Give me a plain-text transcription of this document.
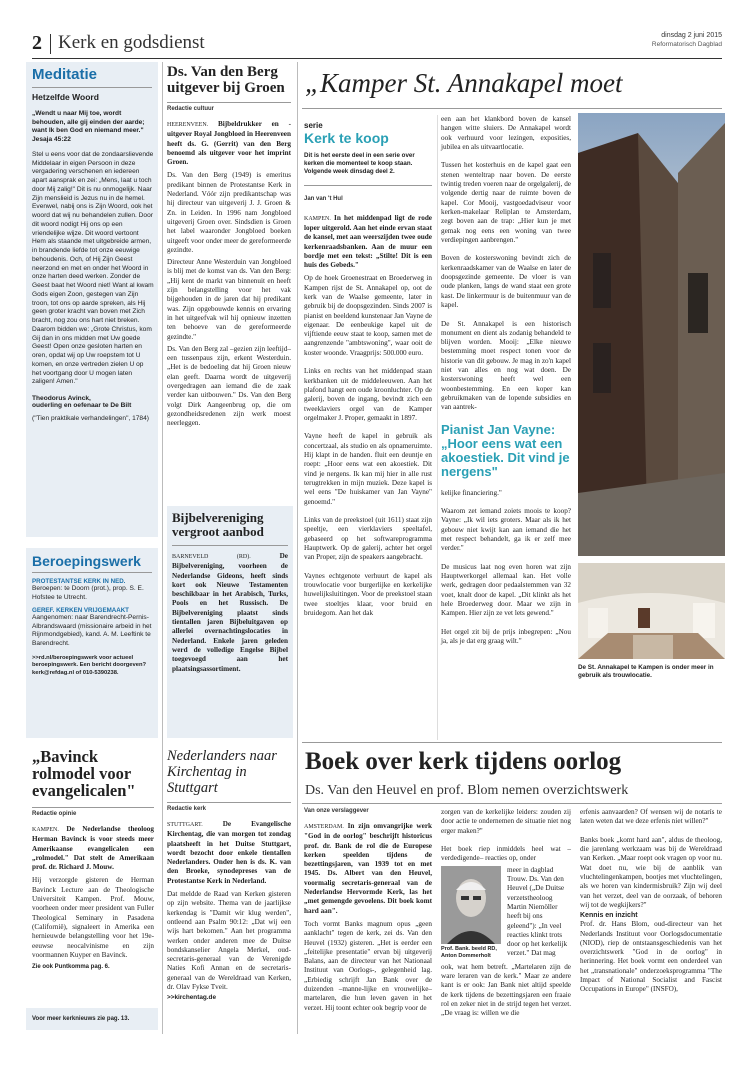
2 Kerk en godsdienst	dinsdag 2 juni 2015
Reformatorisch Dagblad
Meditatie
Hetzelfde Woord
„Wendt u naar Mij toe, wordt behouden, alle gij einden der aarde; want Ik ben God en niemand meer."
Jesaja 45:22
Stel u eens voor dat de zondaarslievende Middelaar in eigen Persoon in deze vergadering verschenen en iedereen apart aansprak en zei: „Mens, laat u toch door Mij zalig!" Dit is nu onmogelijk. Naar Zijn menslieid is Jezus nu in de hemel. Evenwel, nabij ons is Zijn Woord, ook het woord dat wij nu behandelen zullen. Door dit woord nodigt Hij ons op een vriendelijke wijze. Dit woord vertoont Hem als staande met uitgebreide armen, in brandende liefde tot onze eeuwige behoudenis. Och, of Hij Zijn Geest neerzond en met en onder het Woord in onze harten deed werken. Zonder de Geest baat het Woord niet! Want al kwam Gods eigen Zoon, gestegen van Zijn troon, tot ons op aarde spreken, als Hij geen groter kracht van boven met Zich bracht, nog zou ons hart niet breken. Daarom bidden we: „Grote Christus, kom Gij dan in ons midden met Uw goede Geest! Open onze gesloten harten en oren, opdat wij op Uw roepstem tot U komen, en onze vertreden zielen U op het voortgang door U mogen laten zaligen! Amen."
Theodorus Avinck,
ouderling en oefenaar te De Bilt
("Tien praktikale verhandelingen", 1784)
Beroepingswerk
PROTESTANTSE KERK IN NED.
Beroepen: te Doorn (prot.), prop. S. E. Hofstee te Utrecht.
GEREF. KERKEN VRIJGEMAAKT
Aangenomen: naar Barendrecht-Pernis-Albrandswaard (missionaire arbeid in het Rijnmondgebied), kand. A. M. Leeftink te Barendrecht.
>>rd.nl/beroepingswerk voor actueel beroepingswerk. Een bericht doorgeven? kerk@refdag.nl of 010-5390238.
„Bavinck rolmodel voor evangelicalen"
Redactie opinie
KAMPEN. De Nederlandse theoloog Herman Bavinck is voor steeds meer Amerikaanse evangelicalen een „rolmodel." Dat stelt de Amerikaan prof. dr. Richard J. Mouw.
Hij verzorgde gisteren de Herman Bavinck Lecture aan de Theologische Universiteit Kampen. Prof. Mouw, voorheen onder meer president van Fuller Theological Seminary in Pasadena (Californië), signaleert in Amerika een hernieuwde belangstelling voor het 19e-eeuwse neocalvinisme en zijn voormannen Kuyper en Bavinck.
Zie ook Puntkomma pag. 6.
Voor meer kerknieuws zie pag. 13.
Ds. Van den Berg uitgever bij Groen
Redactie cultuur
HEERENVEEN. Bijbeldrukker en -uitgever Royal Jongbloed in Heerenveen heeft ds. G. (Gerrit) van den Berg benoemd als uitgever voor het imprint Groen.

Ds. Van den Berg (1949) is emeritus predikant binnen de Protestantse Kerk in Nederland. Vóór zijn predikantschap was hij directeur van uitgeverij J. J. Groen & Zn. in Leiden. In 1996 nam Jongbloed uitgeverij Groen over. Sindsdien is Groen het label waaronder Jongbloed boeken uitgeeft voor onder meer de gereformeerde gezindte.

Directeur Anne Westerduin van Jongbloed is blij met de komst van ds. Van den Berg: „Hij kent de markt van binnenuit en heeft zijn belangstelling voor het vak bijgehouden in de jaren dat hij predikant was. Zijn opgebouwde kennis en ervaring in het uitgeefvak wil hij opnieuw inzetten ten behoeve van de gereformeerde gezindte."

Ds. Van den Berg zal –gezien zijn leeftijd– een tussenpaus zijn, erkent Westerduin. „Het is de bedoeling dat hij Groen nieuw elan geeft. Daarna wordt de uitgeverij overgedragen aan iemand die de zaak verder kan uitbouwen." Ds. Van den Berg volgt Dirk Aangeenbrug op, die om gezondheidsredenen zijn werk moest neerleggen.

Bijbelvereniging vergroot aanbod
BARNEVELD (RD).	De Bijbelvereniging, voorheen de Nederlandse Gideons, heeft sinds kort ook Nieuwe Testamenten beschikbaar in het Arabisch, Turks, Pools en het Russisch. De Bijbelvereniging plaatst sinds tientallen jaren Bijbeluitgaven op allerlei overnachtingslocaties in Nederland. Enkele jaren geleden werd de volledige Engelse Bijbel toegevoegd aan het plaatsingsassortiment.
Nederlanders naar Kirchentag in Stuttgart
Redactie kerk
STUTTGART.	De Evangelische Kirchentag, die van morgen tot zondag plaatsheeft in het Duitse Stuttgart, wordt bezocht door enkele tientallen Nederlanders. Onder hen is ds. K. van den Broeke, synodepreses van de Protestantse Kerk in Nederland.
Dat meldde de Raad van Kerken gisteren op zijn website. Thema van de jaarlijkse kerkendag is "Damit wir klug werden", ontleend aan Psalm 90:12: „Dat wij een wijs hart bekomen." Aan het programma werken onder anderen mee de Duitse bondskanselier Angela Merkel, oud-secretaris-generaal van de Verenigde Naties Kofi Annan en de secretaris-generaal van de Wereldraad van Kerken, dr. Olav Fykse Tveit.
>>kirchentag.de
„Kamper St. Annakapel moet
serie
Kerk te koop
Dit is het eerste deel in een serie over kerken die momenteel te koop staan. Volgende week dinsdag deel 2.
Jan van 't Hul
KAMPEN. In het middenpad ligt de rode loper uitgerold. Aan het einde ervan staat de kansel, met aan weerszijden twee oude kerkenraadsbanken. Aan de muur een bordje met een tekst: „Stilte! Dit is een huis des Gebeds."
Op de hoek Groenestraat en Broederweg in Kampen rijst de St. Annakapel op, oot de kerk van de Waalse gemeente, later in gebruik bij de doopsgezinden. Sinds 2007 is pianist en beeldend kunstenaar Jan Vayne de eigenaar. De eenbeukige kapel uit de vijftiende eeuw staat te koop, samen met de aangrenzende "ambtswoning", waar ooit de koster woonde. Vraagprijs: 500.000 euro.

Links en rechts van het middenpad staan kerkbanken uit de middeleeuwen. Aan het plafond hangt een oude kroonluchter. Op de galerij, boven de ingang, bevindt zich een tweeklaviers orgel van de Kamper orgelmaker J. Proper, gemaakt in 1897.

Vayne heeft de kapel in gebruik als concertzaal, als studio en als opnameruimte. Hij klapt in de handen. fluit een deuntje en roept: „Hoor eens wat een akoestiek. Dit vind je nergens. Ik kan mij hier in alle rust terugtrekken in mijn muziek. Deze kapel is wel eens "De huiskamer van Jan Vayne" genoemd."

Links van de preekstoel (uit 1611) staat zijn speeltje, een vierklaviers speeltafel, gebaseerd op het softwareprogramma Hauptwerk. Op de galerij, achter het orgel van Proper, zijn de speakers aangebracht.

Vaynes echtgenote verhuurt de kapel als trouwlocatie voor burgerlijke en kerkelijke huwelijksluitingen. Voor de preekstoel staan twee stoeltjes klaar, voor bruid en bruidegom. Aan het dak
een aan het klankbord boven de kansel hangen witte sluiers. De Annakapel wordt ook verhuurd voor lezingen, exposities, jubilea en als uitvaartlocatie.

Tussen het kosterhuis en de kapel gaat een stenen wenteltrap naar boven. De eerste twintig treden voeren naar de orgelgalerij, de volgende dertig naar de ruimte boven de kapel. Cor Mooij, vastgoedadviseur voor kerken-makelaar Reliplan te Amsterdam, zegt boven aan de trap: „Hier kun je met gemak nog eens een woning van twee verdiepingen aanbrengen."

Boven de kosterswoning bevindt zich de kerkenraadskamer van de Waalse en later de doopsgezinde gemeente. De vloer is van oude planken, langs de wand staat een grote kast. De linkermuur is de buitenmuur van de kapel.

De St. Annakapel is een historisch monument en dient als zodanig behandeld te blijven worden. Mooij: „Elke nieuwe bestemming moet respect tonen voor de historie van dit gebouw. Je mag in zo'n kapel niet van alles en nog wat doen. De kosterswoning heeft wel een woonbestemming. En een koper kan gebruikmaken van de lopende subsidies en van aantrek-
Pianist Jan Vayne: „Hoor eens wat een akoestiek. Dit vind je nergens"
kelijke financiering."

Waarom zet iemand zoiets moois te koop? Vayne: „Ik wil iets groters. Maar als ik het gebouw niet kwijt kan aan iemand die het met respect behandelt, ga ik er zelf mee verder."

De musicus laat nog even horen wat zijn Hauptwerkorgel allemaal kan. Het volle werk, gedragen door pedaalstemmen van 32 voet, knalt door de kapel. „Dit klinkt als het hele Broederweg door. Maar we zijn in Kampen. Hier zijn ze vet lets gewend."

Het orgel zit bij de prijs inbegrepen: „Nou ja, als je dat erg graag wilt."
De St. Annakapel te Kampen is onder meer in gebruik als trouwlocatie.
Boek over kerk tijdens oorlog
Ds. Van den Heuvel en prof. Blom nemen overzichtswerk
Van onze verslaggever
AMSTERDAM. In zijn omvangrijke werk "God in de oorlog" beschrijft historicus prof. dr. Bank de rol die de Europese kerken speelden tijdens de bezettingsjaren, van 1939 tot en met 1945. Ds. Albert van den Heuvel, voormalig secretaris-generaal van de Nederlandse Hervormde Kerk, las het „met gemengde gevoelens. Dit boek komt hard aan".
Toch vormt Banks magnum opus „geen aanklacht" tegen de kerk, zei ds. Van den Heuvel (1932) gisteren. „Het is eerder een „feitelijke presentatie" ervan bij uitgeverij Balans, aan de directeur van het Nationaal Instituut van Oorlogs-, gelegenheid lag. „Erbiedig schrijft Jan Bank over de duizenden –manne-lijke en vrouwelijke– martelaren, die hun leven gaven in het verzet. Hij toont echter ook begrip voor de
zorgen van de kerkelijke leiders: zouden zij door actie te ondernemen de situatie niet nog erger maken?"

Het boek riep inmiddels heel wat –verdedigende– reacties op, onder
Prof. Bank. beeld RD, Anton Dommerholt
meer in dagblad Trouw. Ds. Van den Heuvel („De Duitse verzetstheoloog Martin Niemöller heeft bij ons geleend"): „In veel reacties klinkt trots door op het kerkelijk verzet." Dat mag
ook, wat hem betreft. „Martelaren zijn de ware leraren van de kerk." Maar ze andere kant is er ook: Jan Bank niet altijd speelde de kerk tijdens de bezettingsjaren een fraaie rol en zeker niet in de strijd tegen het verzet. „De vraag is: willen we die
erfenis aanvaarden? Of wensen wij de notarís te laten weten dat we deze erfenis niet willen?"

Banks boek „komt hard aan", aldus de theoloog, die jarenlang werkzaam was bij de Wereldraad van Kerken. „Maar roept ook vragen op voor nu. Wat doet nu, wie bij de aanblik van vluchtelingenkampen, bootjes met vluchtelingen, als we horen van kindermisbruik? Zijn wij deel van het verzet, deel van de oorzaak, of behoren wij tot de wegkijkers?"
Kennis en inzicht
Prof. dr. Hans Blom, oud-directeur van het Nederlands Instituut voor Oorlogsdocumentatie (NIOD), riep de ontstaansgeschiedenis van het overzichtswerk "God in de oorlog" in herinnering. Het boek vormt een onderdeel van het „transnationale" onderzoeksprogramma "The Impact of National Socialist and Fascist Occupations in Europe" (INSFO),
